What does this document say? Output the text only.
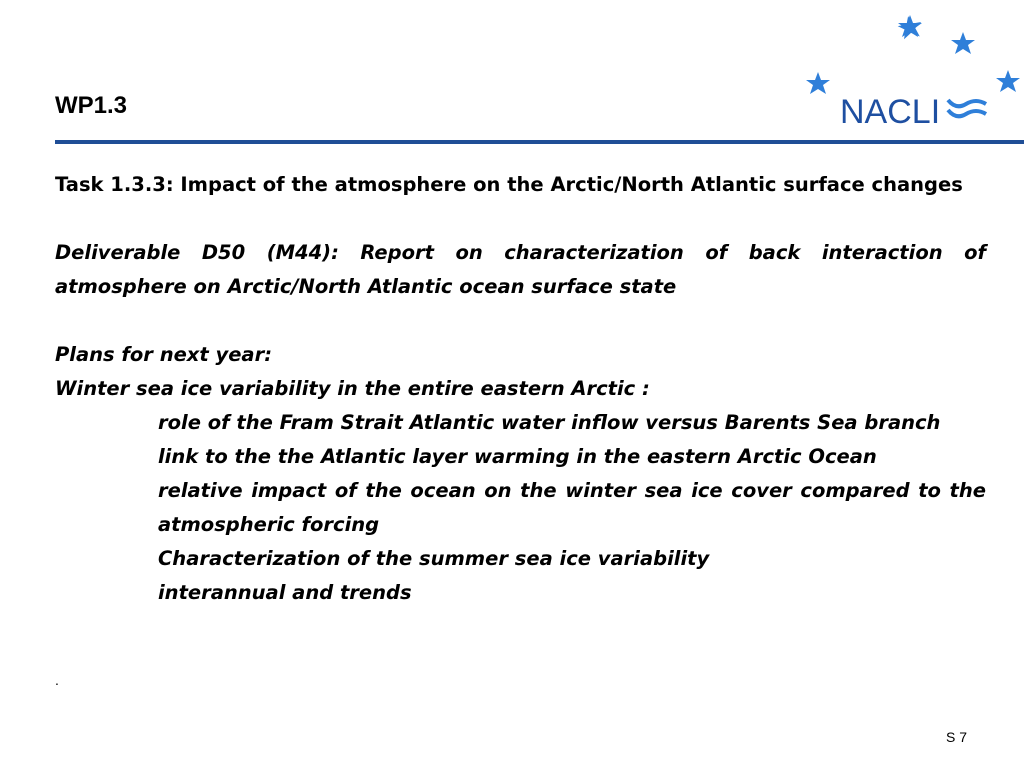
WP1.3	NACLI

Task 1.3.3: Impact of the atmosphere on the Arctic/North Atlantic surface changes

Deliverable D50 (M44): Report on characterization of back interaction of atmosphere on Arctic/North Atlantic ocean surface state

Plans for next year:

Winter sea ice variability in the entire eastern Arctic :

role of the Fram Strait Atlantic water inflow versus Barents Sea branch

link to the the Atlantic layer warming in the eastern Arctic Ocean

relative impact of the ocean on the winter sea ice cover compared to the atmospheric forcing

Characterization of the summer sea ice variability

interannual and trends

.
S 7
